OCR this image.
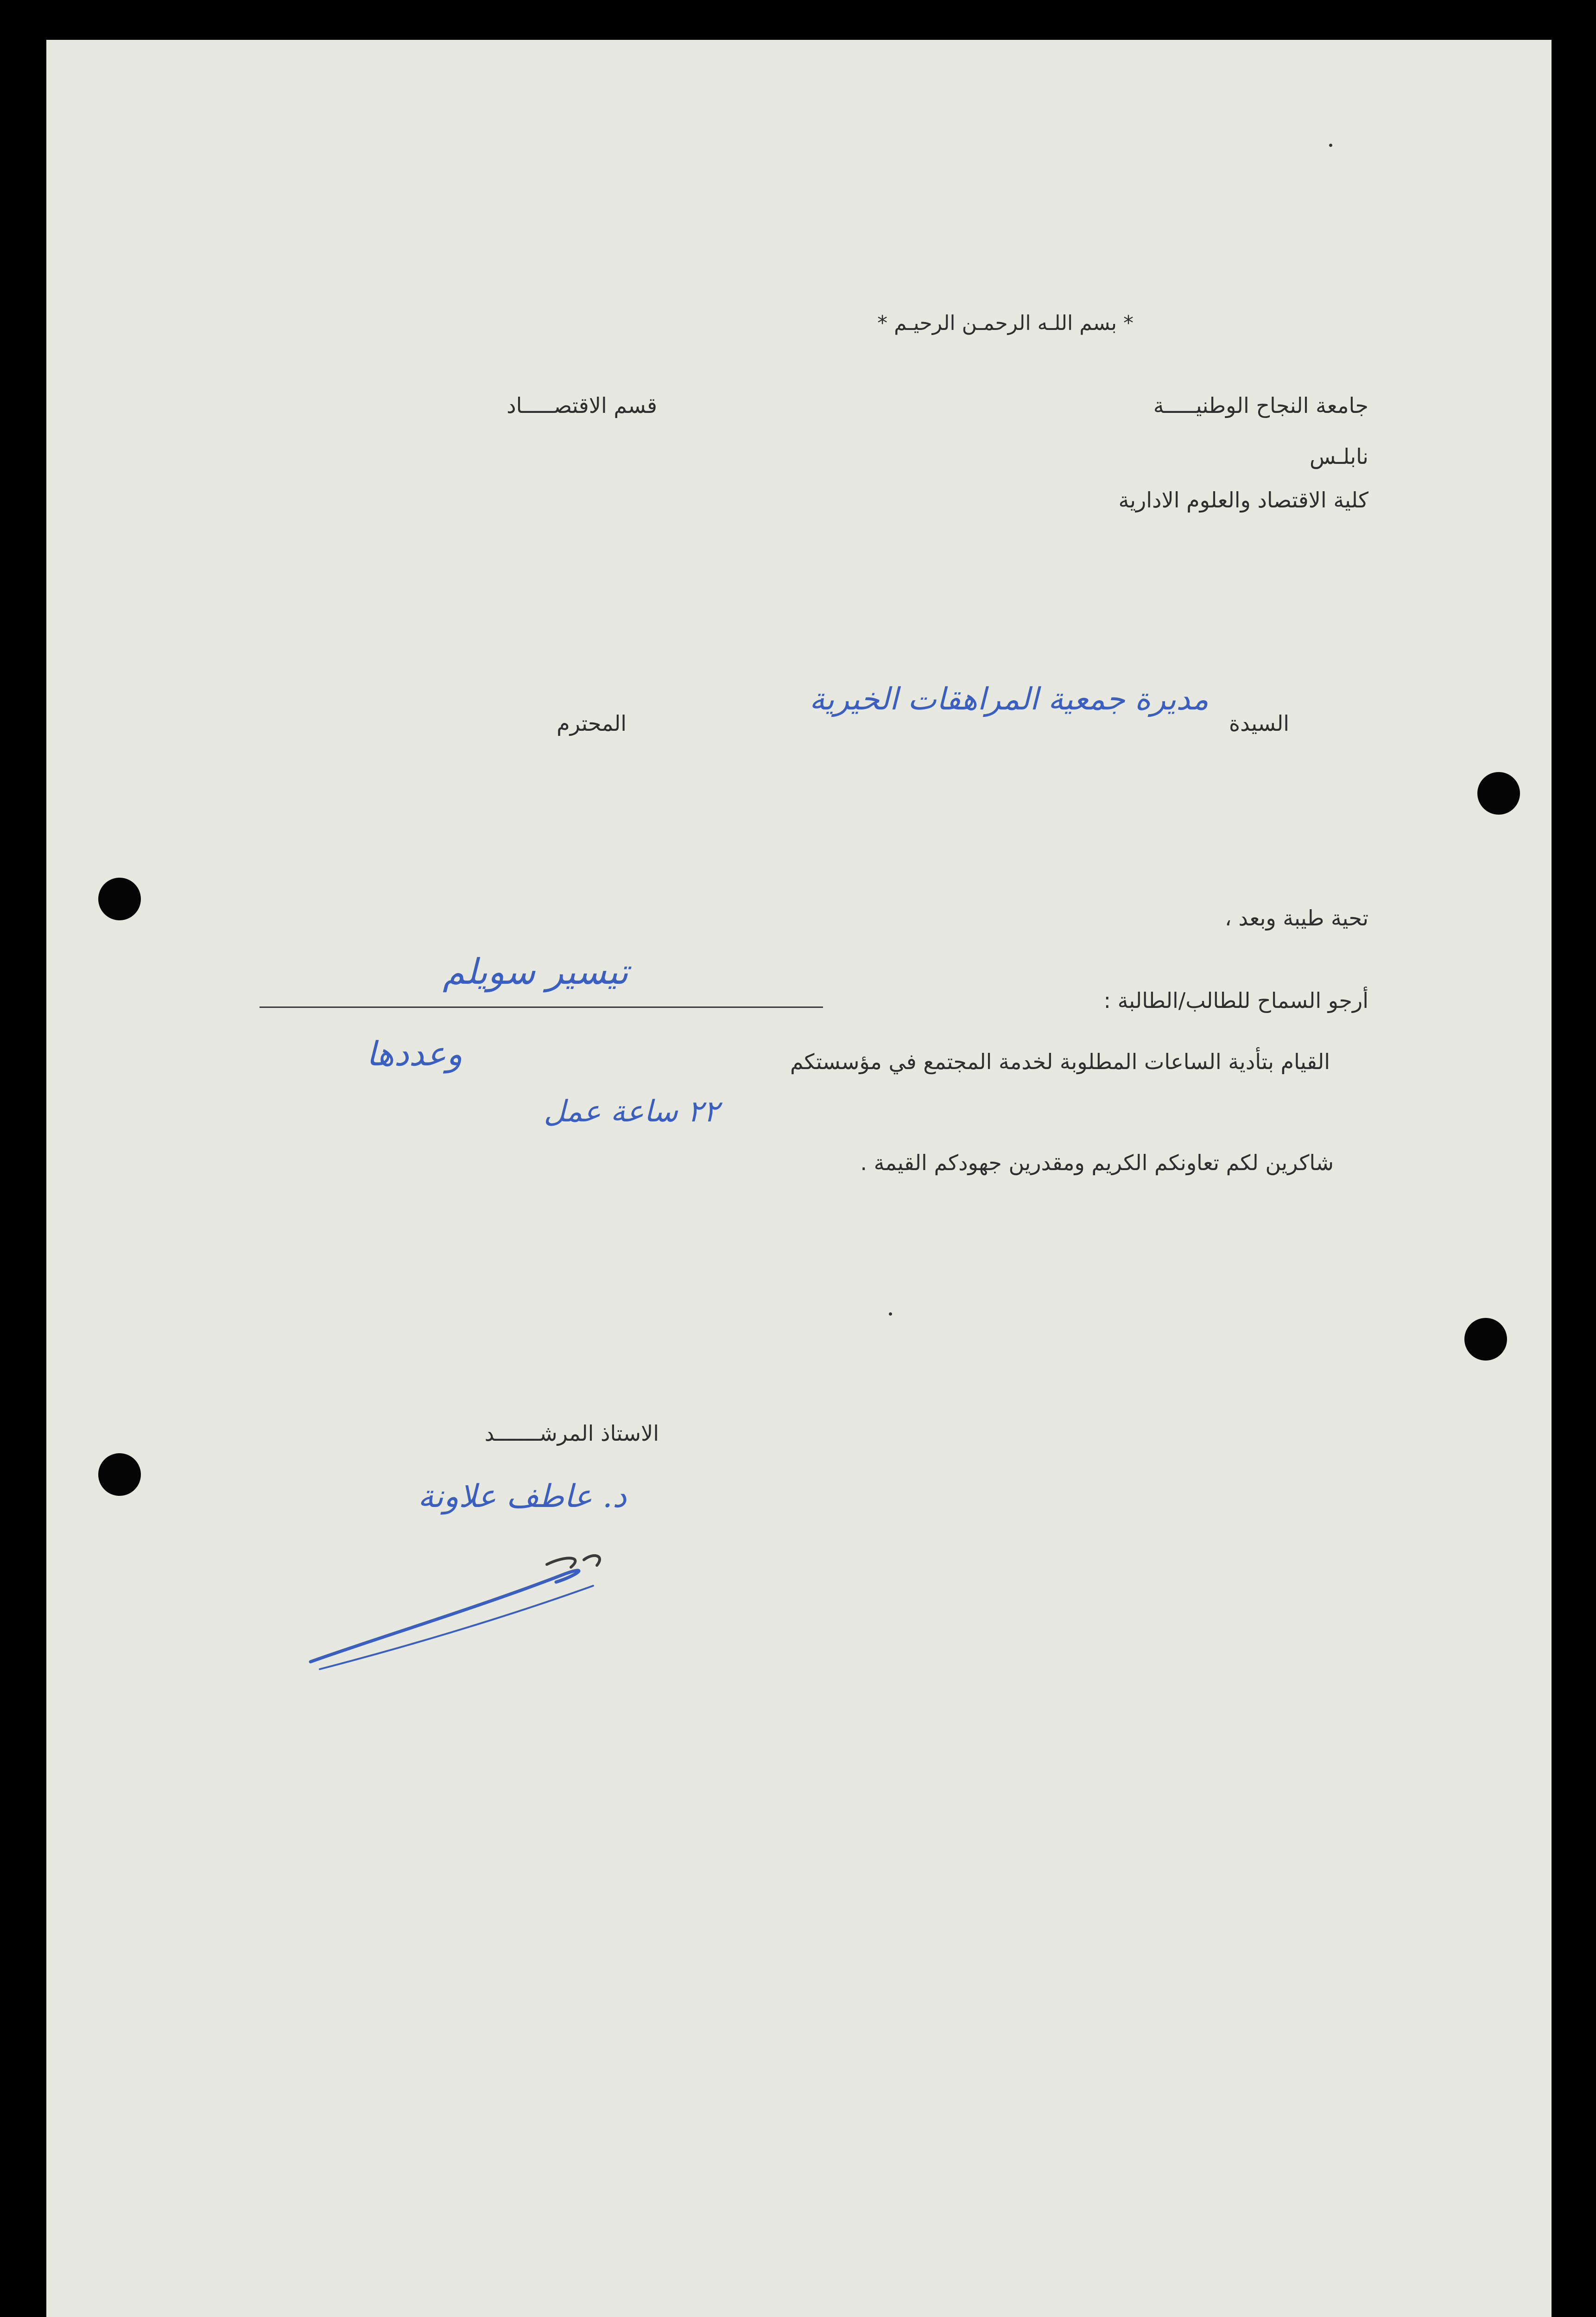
* بسم اللـه الرحمـن الرحيـم *
جامعة النجاح الوطنيـــــة
نابلـس
كلية الاقتصاد والعلوم الادارية
قسم الاقتصـــــاد
السيدة
مديرة جمعية المراهقات الخيرية
المحترم
تحية طيبة وبعد ،
أرجو السماح للطالب/الطالبة :
تيسير سويلم
القيام بتأدية الساعات المطلوبة لخدمة المجتمع في مؤسستكم
وعددها
٢٢ ساعة عمل
شاكرين لكم تعاونكم الكريم ومقدرين جهودكم القيمة .
الاستاذ المرشـــــــد
د. عاطف علاونة
